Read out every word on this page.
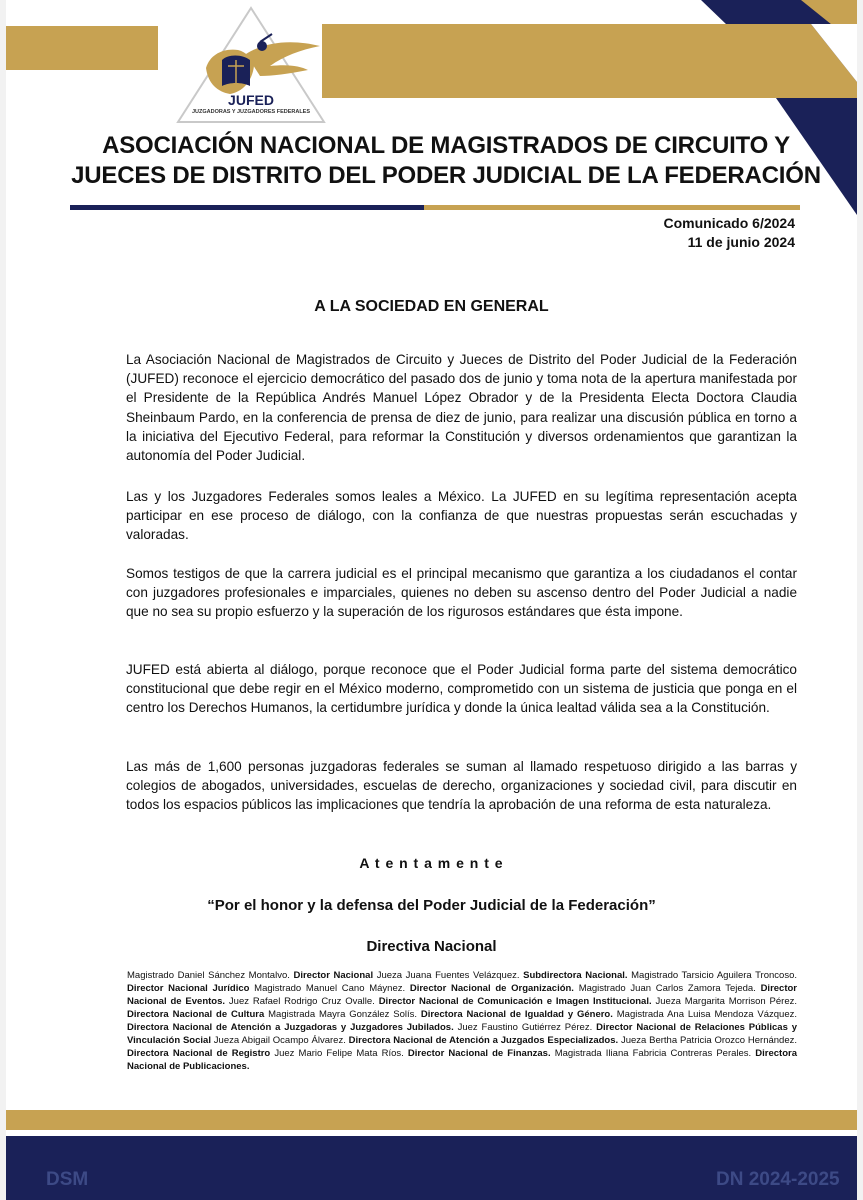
JUFED
JUZGADORAS Y JUZGADORES FEDERALES
ASOCIACIÓN NACIONAL DE MAGISTRADOS DE CIRCUITO Y
JUECES DE DISTRITO DEL PODER JUDICIAL DE LA FEDERACIÓN
Comunicado 6/2024
11 de junio 2024
A LA SOCIEDAD EN GENERAL

La Asociación Nacional de Magistrados de Circuito y Jueces de Distrito del Poder Judicial de la Federación (JUFED) reconoce el ejercicio democrático del pasado dos de junio y toma nota de la apertura manifestada por el Presidente de la República Andrés Manuel López Obrador y de la Presidenta Electa Doctora Claudia Sheinbaum Pardo, en la conferencia de prensa de diez de junio, para realizar una discusión pública en torno a la iniciativa del Ejecutivo Federal, para reformar la Constitución y diversos ordenamientos que garantizan la autonomía del Poder Judicial.

Las y los Juzgadores Federales somos leales a México. La JUFED en su legítima representación acepta participar en ese proceso de diálogo, con la confianza de que nuestras propuestas serán escuchadas y valoradas.

Somos testigos de que la carrera judicial es el principal mecanismo que garantiza a los ciudadanos el contar con juzgadores profesionales e imparciales, quienes no deben su ascenso dentro del Poder Judicial a nadie que no sea su propio esfuerzo y la superación de los rigurosos estándares que ésta impone.

JUFED está abierta al diálogo, porque reconoce que el Poder Judicial forma parte del sistema democrático constitucional que debe regir en el México moderno, comprometido con un sistema de justicia que ponga en el centro los Derechos Humanos, la certidumbre jurídica y donde la única lealtad válida sea a la Constitución.

Las más de 1,600 personas juzgadoras federales se suman al llamado respetuoso dirigido a las barras y colegios de abogados, universidades, escuelas de derecho, organizaciones y sociedad civil, para discutir en todos los espacios públicos las implicaciones que tendría la aprobación de una reforma de esta naturaleza.

A t e n t a m e n t e
“Por el honor y la defensa del Poder Judicial de la Federación”
Directiva Nacional

Magistrado Daniel Sánchez Montalvo. Director Nacional Jueza Juana Fuentes Velázquez. Subdirectora Nacional. Magistrado Tarsicio Aguilera Troncoso. Director Nacional Jurídico Magistrado Manuel Cano Máynez. Director Nacional de Organización. Magistrado Juan Carlos Zamora Tejeda. Director Nacional de Eventos. Juez Rafael Rodrigo Cruz Ovalle. Director Nacional de Comunicación e Imagen Institucional. Jueza Margarita Morrison Pérez. Directora Nacional de Cultura Magistrada Mayra González Solís. Directora Nacional de Igualdad y Género. Magistrada Ana Luisa Mendoza Vázquez. Directora Nacional de Atención a Juzgadoras y Juzgadores Jubilados. Juez Faustino Gutiérrez Pérez. Director Nacional de Relaciones Públicas y Vinculación Social Jueza Abigail Ocampo Álvarez. Directora Nacional de Atención a Juzgados Especializados. Jueza Bertha Patricia Orozco Hernández. Directora Nacional de Registro Juez Mario Felipe Mata Ríos. Director Nacional de Finanzas. Magistrada Iliana Fabricia Contreras Perales. Directora Nacional de Publicaciones.

DSM	DN 2024-2025
